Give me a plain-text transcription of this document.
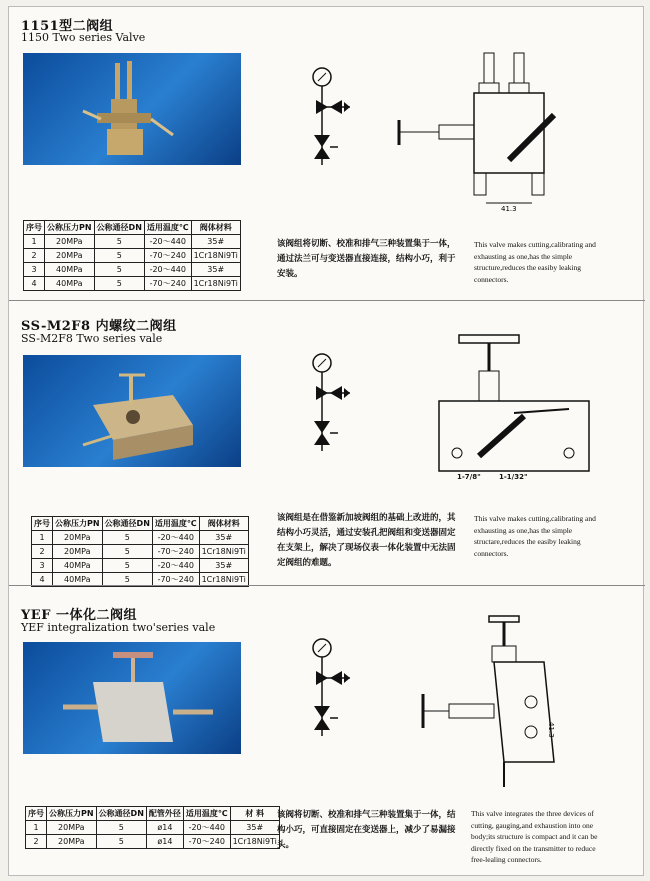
1151型二阀组
1150 Two series Valve
序号	公称压力PN	公称通径DN	适用温度℃	阀体材料
1	20MPa	5	-20～440	35#
2	20MPa	5	-70～240	1Cr18Ni9Ti
3	40MPa	5	-20～440	35#
4	40MPa	5	-70～240	1Cr18Ni9Ti
41.3
该阀组将切断、校准和排气三种装置集于一体，通过法兰可与变送器直接连接，结构小巧，利于安装。
This valve makes cutting,calibrating and exhausting as one,has the simple structure,reduces the easiby leaking connectors.
SS-M2F8 内螺纹二阀组
SS-M2F8 Two series vale
序号	公称压力PN	公称通径DN	适用温度℃	阀体材料
1	20MPa	5	-20～440	35#
2	20MPa	5	-70～240	1Cr18Ni9Ti
3	40MPa	5	-20～440	35#
4	40MPa	5	-70～240	1Cr18Ni9Ti
1-1/32"
1-7/8"
该阀组是在借鉴新加坡阀组的基础上改进的，其结构小巧灵活，通过安装孔把阀组和变送器固定在支架上，解决了现场仪表一体化装置中无法固定阀组的难题。
This valve makes cutting,calibrating and exhausting as one,has the simple structare,reduces the easiby leaking connectors.
YEF 一体化二阀组
YEF integralization two'series vale
序号	公称压力PN	公称通径DN	配管外径	适用温度℃	材 料
1	20MPa	5	ø14	-20～440	35#
2	20MPa	5	ø14	-70～240	1Cr18Ni9Ti
41.3
该阀将切断、校准和排气三种装置集于一体，结构小巧，可直接固定在变送器上，减少了易漏接头。
This valve integrates the three devices of cutting, gauging,and exhaustion into one body;its structure is compact and it can be directly fixed on the transmitter to reduce free-lealing connectors.
